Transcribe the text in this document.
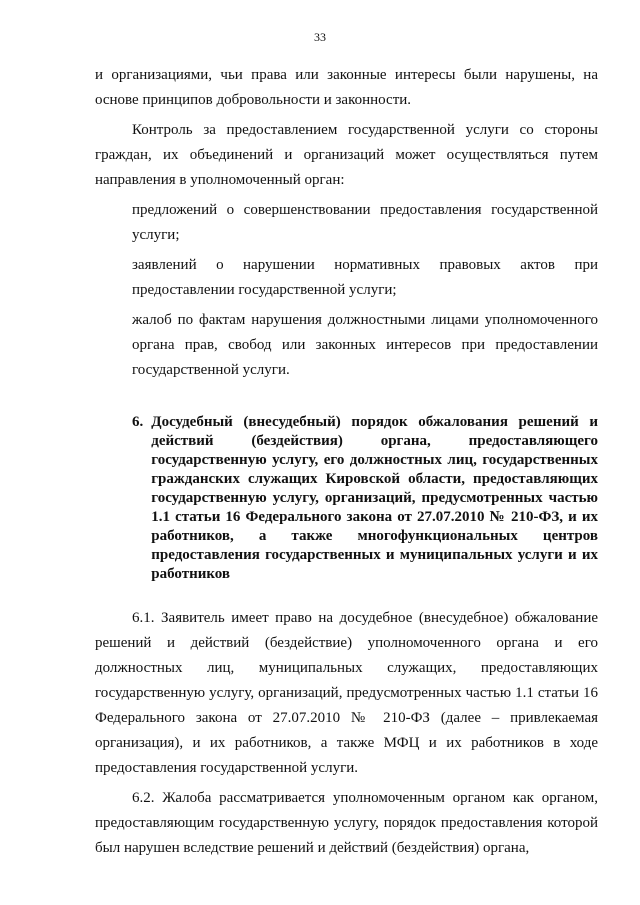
33

и организациями, чьи права или законные интересы были нарушены, на основе принципов добровольности и законности.

Контроль за предоставлением государственной услуги со стороны граждан, их объединений и организаций может осуществляться путем направления в уполномоченный орган:

предложений о совершенствовании предоставления государственной услуги;

заявлений о нарушении нормативных правовых актов при предоставлении государственной услуги;

жалоб по фактам нарушения должностными лицами уполномоченного органа прав, свобод или законных интересов при предоставлении государственной услуги.

6. Досудебный (внесудебный) порядок обжалования решений и действий (бездействия) органа, предоставляющего государственную услугу, его должностных лиц, государственных гражданских служащих Кировской области, предоставляющих государственную услугу, организаций, предусмотренных частью 1.1 статьи 16 Федерального закона от 27.07.2010 № 210-ФЗ, и их работников, а также многофункциональных центров предоставления государственных и муниципальных услуги и их работников

6.1. Заявитель имеет право на досудебное (внесудебное) обжалование решений и действий (бездействие) уполномоченного органа и его должностных лиц, муниципальных служащих, предоставляющих государственную услугу, организаций, предусмотренных частью 1.1 статьи 16 Федерального закона от 27.07.2010 № 210-ФЗ (далее – привлекаемая организация), и их работников, а также МФЦ и их работников в ходе предоставления государственной услуги.

6.2. Жалоба рассматривается уполномоченным органом как органом, предоставляющим государственную услугу, порядок предоставления которой был нарушен вследствие решений и действий (бездействия) органа,
